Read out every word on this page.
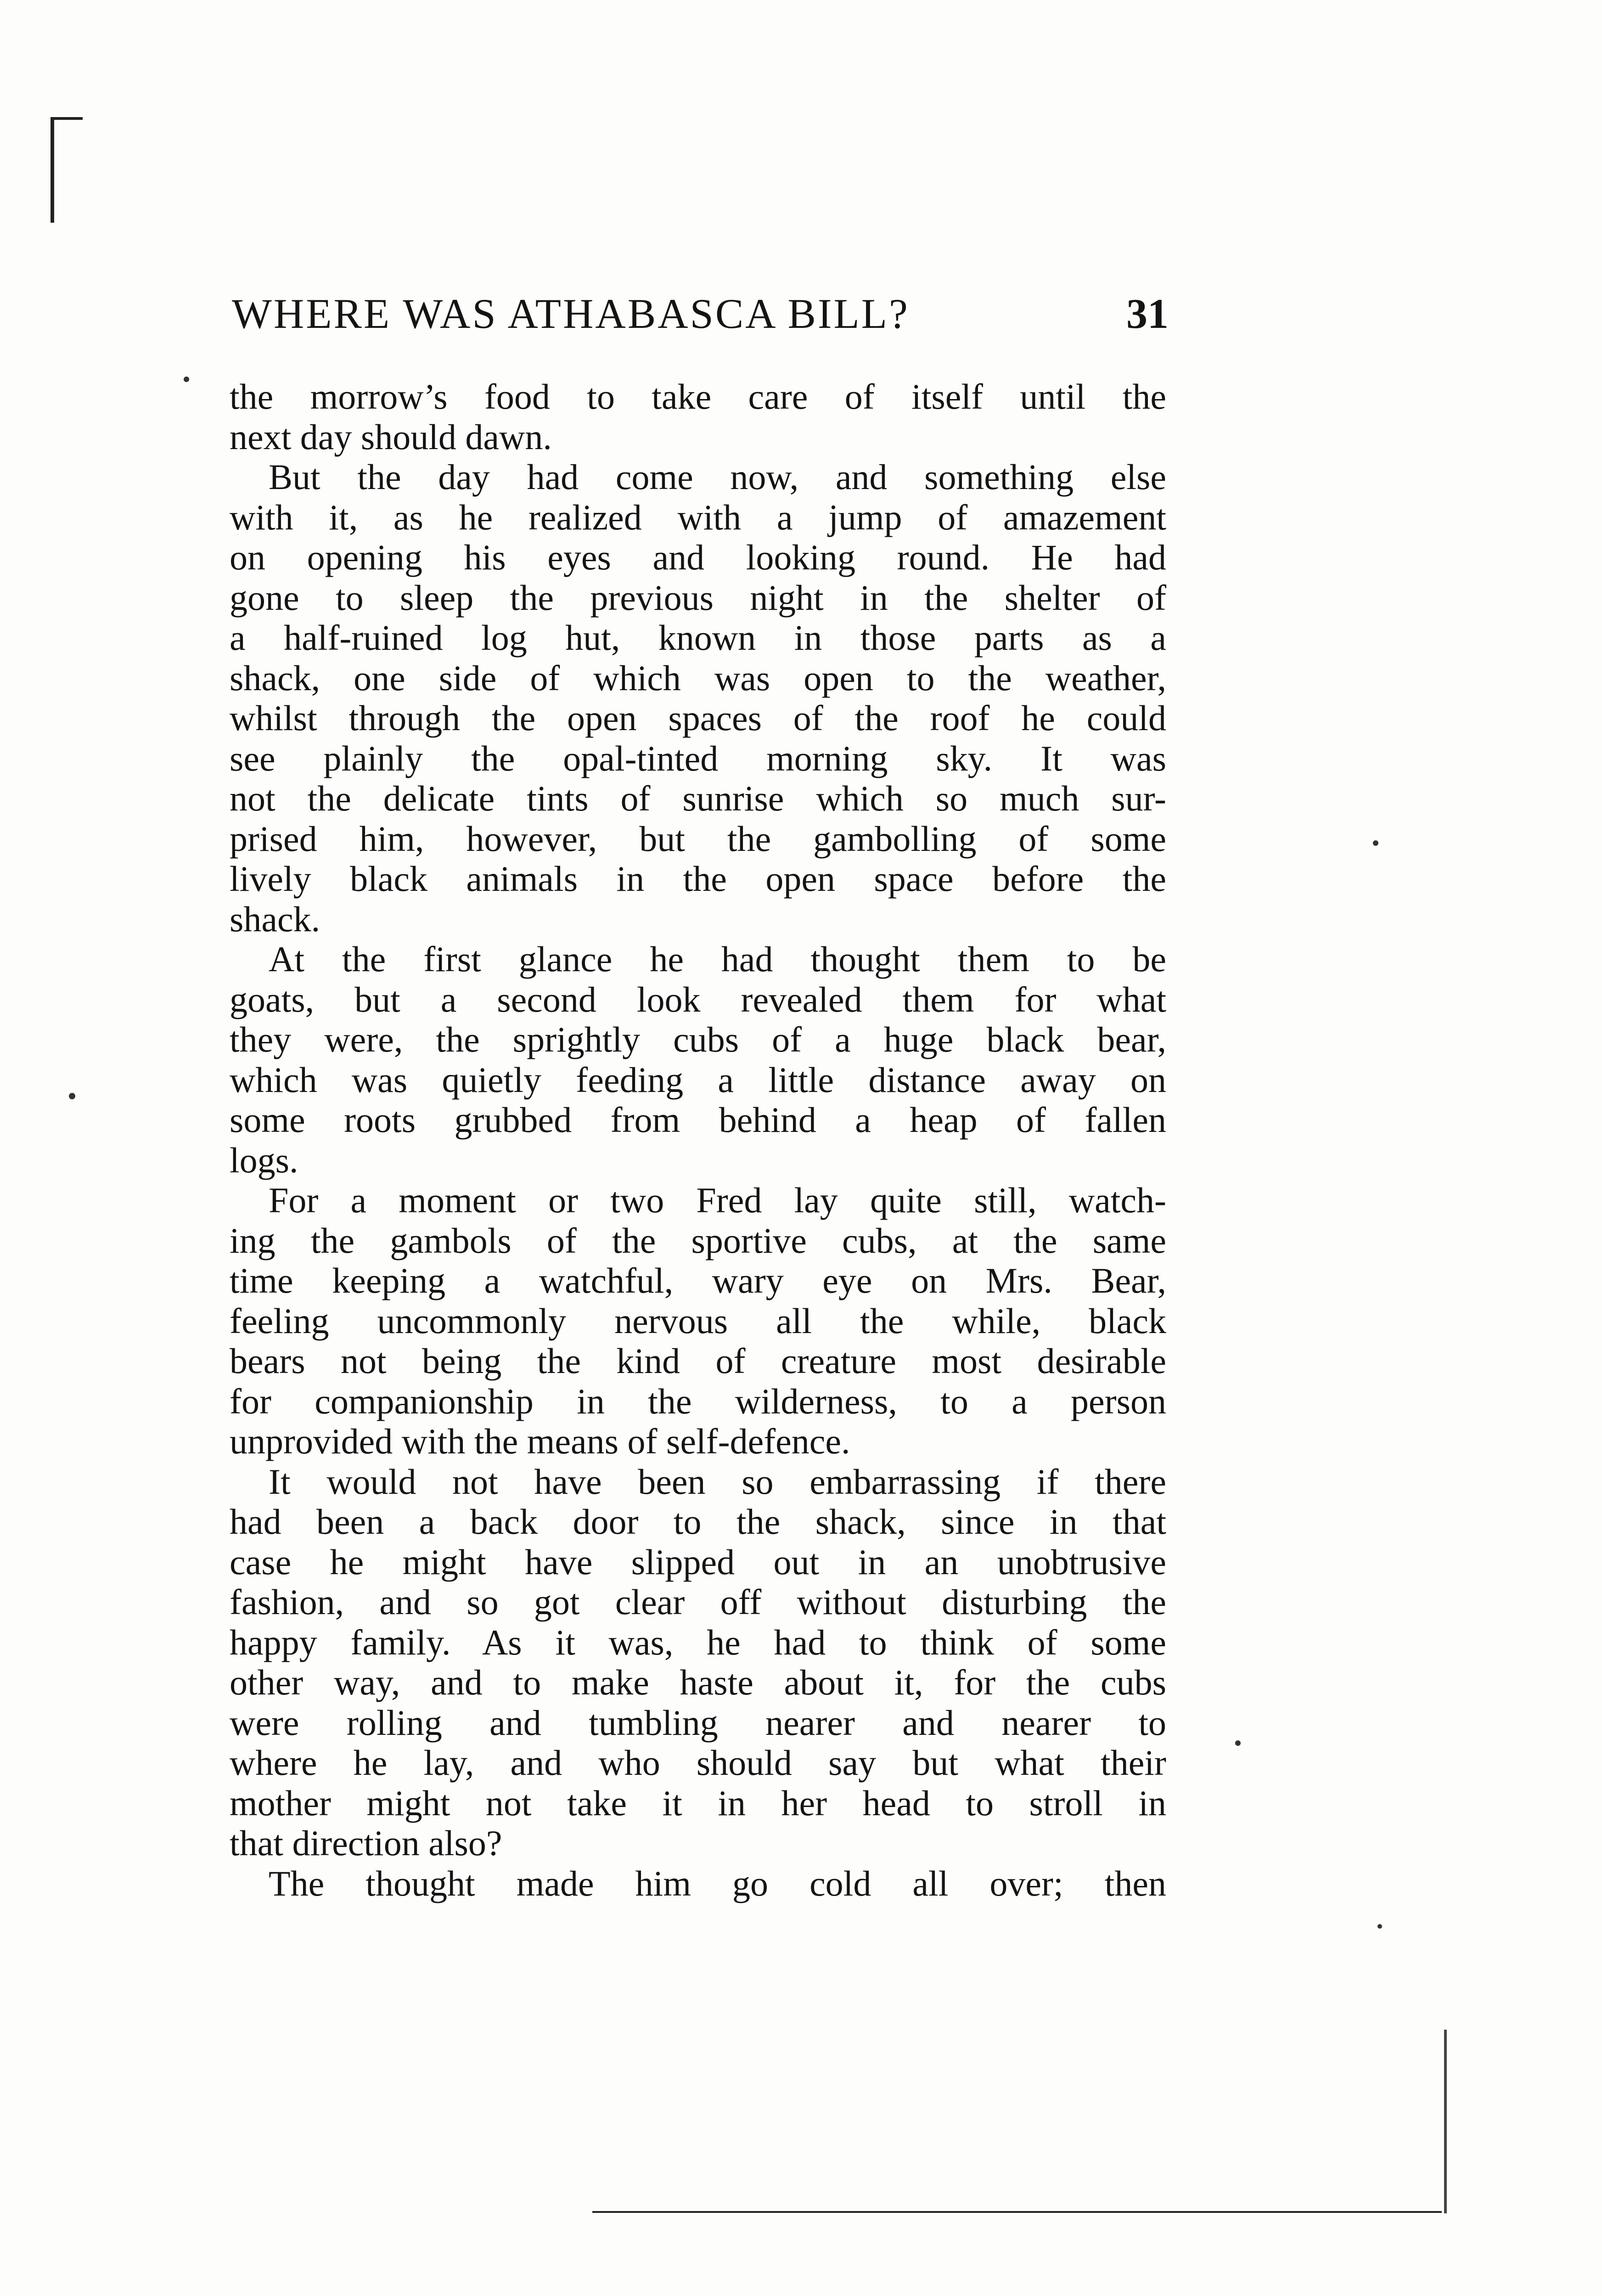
WHERE WAS ATHABASCA BILL?	31
the morrow’s food to take care of itself until the
next day should dawn.
But the day had come now, and something else
with it, as he realized with a jump of amazement
on opening his eyes and looking round. He had
gone to sleep the previous night in the shelter of
a half-ruined log hut, known in those parts as a
shack, one side of which was open to the weather,
whilst through the open spaces of the roof he could
see plainly the opal-tinted morning sky. It was
not the delicate tints of sunrise which so much sur-
prised him, however, but the gambolling of some
lively black animals in the open space before the
shack.
At the first glance he had thought them to be
goats, but a second look revealed them for what
they were, the sprightly cubs of a huge black bear,
which was quietly feeding a little distance away on
some roots grubbed from behind a heap of fallen
logs.
For a moment or two Fred lay quite still, watch-
ing the gambols of the sportive cubs, at the same
time keeping a watchful, wary eye on Mrs. Bear,
feeling uncommonly nervous all the while, black
bears not being the kind of creature most desirable
for companionship in the wilderness, to a person
unprovided with the means of self-defence.
It would not have been so embarrassing if there
had been a back door to the shack, since in that
case he might have slipped out in an unobtrusive
fashion, and so got clear off without disturbing the
happy family. As it was, he had to think of some
other way, and to make haste about it, for the cubs
were rolling and tumbling nearer and nearer to
where he lay, and who should say but what their
mother might not take it in her head to stroll in
that direction also?
The thought made him go cold all over; then
